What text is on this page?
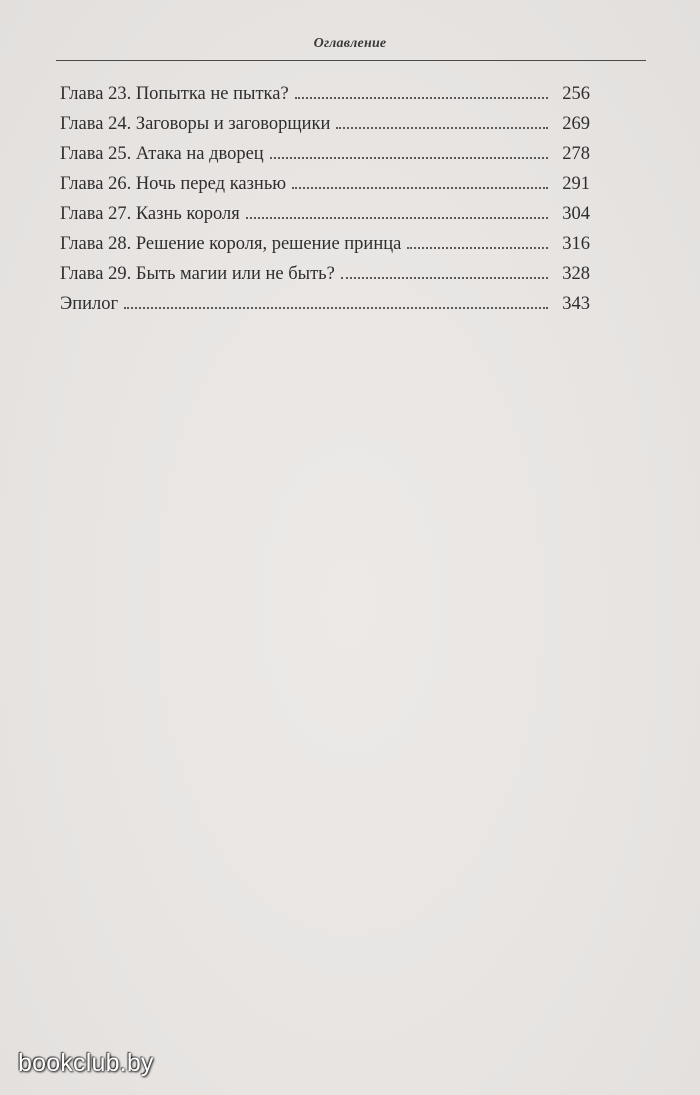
Оглавление
Глава 23. Попытка не пытка?	256
Глава 24. Заговоры и заговорщики	269
Глава 25. Атака на дворец	278
Глава 26. Ночь перед казнью	291
Глава 27. Казнь короля	304
Глава 28. Решение короля, решение принца	316
Глава 29. Быть магии или не быть?	328
Эпилог	343
bookclub.by
